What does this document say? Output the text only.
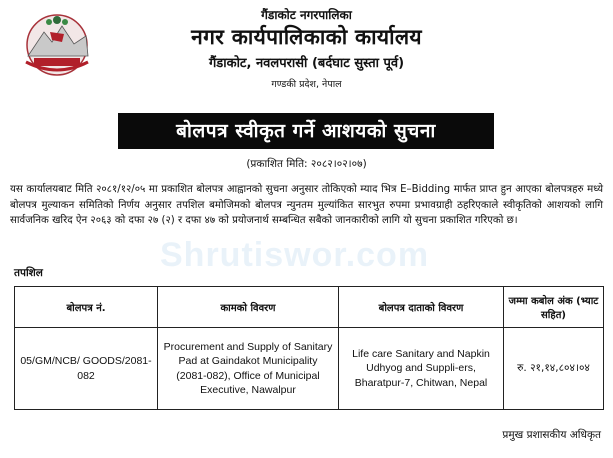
गैंडाकोट नगरपालिका
नगर कार्यपालिकाको कार्यालय
गैंडाकोट, नवलपरासी (बर्दघाट सुस्ता पूर्व)
गण्डकी प्रदेश, नेपाल
बोलपत्र स्वीकृत गर्ने आशयको सुचना
(प्रकाशित मिति: २०८२।०२।०७)
Shrutiswor.com

यस कार्यालयबाट मिति २०८१/१२/०५ मा प्रकाशित बोलपत्र आह्वानको सुचना अनुसार तोकिएको म्याद भित्र E–Bidding मार्फत प्राप्त हुन आएका बोलपत्रहरु मध्ये बोलपत्र मुल्याकन समितिको निर्णय अनुसार तपशिल बमोजिमको बोलपत्र न्युनतम मुल्यांकित सारभुत रुपमा प्रभावग्राही ठहरिएकाले स्वीकृतिको आशयको लागि सार्वजनिक खरिद ऐन २०६३ को दफा २७ (२) र दफा ४७ को प्रयोजनार्थ सम्बन्धित सबैको जानकारीको लागि यो सुचना प्रकाशित गरिएको छ।

तपशिल
बोलपत्र नं.	कामको विवरण	बोलपत्र दाताको विवरण	जम्मा कबोल अंक (भ्याट सहित)
05/GM/NCB/ GOODS/2081-082	Procurement and Supply of Sanitary Pad at Gaindakot Municipality (2081-082), Office of Municipal Executive, Nawalpur	Life care Sanitary and Napkin Udhyog and Suppli-ers, Bharatpur-7, Chitwan, Nepal	रु. २१,१४,८०४।०४
प्रमुख प्रशासकीय अधिकृत
